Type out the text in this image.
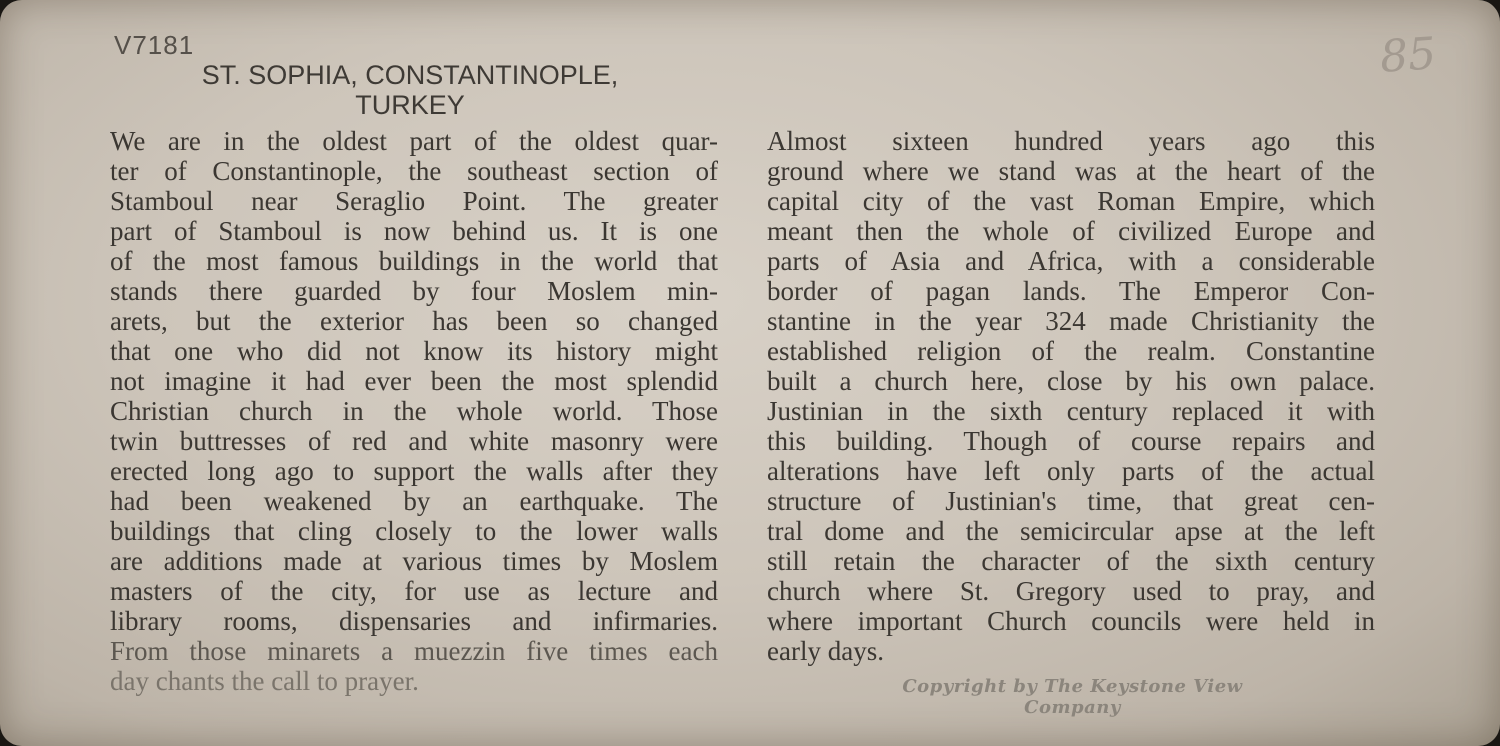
V7181
ST. SOPHIA, CONSTANTINOPLE,
TURKEY
85
We are in the oldest part of the oldest quar-
ter of Constantinople, the southeast section of
Stamboul near Seraglio Point. The greater
part of Stamboul is now behind us. It is one
of the most famous buildings in the world that
stands there guarded by four Moslem min-
arets, but the exterior has been so changed
that one who did not know its history might
not imagine it had ever been the most splendid
Christian church in the whole world. Those
twin buttresses of red and white masonry were
erected long ago to support the walls after they
had been weakened by an earthquake. The
buildings that cling closely to the lower walls
are additions made at various times by Moslem
masters of the city, for use as lecture and
library rooms, dispensaries and infirmaries.
From those minarets a muezzin five times each
day chants the call to prayer.
Almost sixteen hundred years ago this
ground where we stand was at the heart of the
capital city of the vast Roman Empire, which
meant then the whole of civilized Europe and
parts of Asia and Africa, with a considerable
border of pagan lands. The Emperor Con-
stantine in the year 324 made Christianity the
established religion of the realm. Constantine
built a church here, close by his own palace.
Justinian in the sixth century replaced it with
this building. Though of course repairs and
alterations have left only parts of the actual
structure of Justinian's time, that great cen-
tral dome and the semicircular apse at the left
still retain the character of the sixth century
church where St. Gregory used to pray, and
where important Church councils were held in
early days.
Copyright by The Keystone View Company
